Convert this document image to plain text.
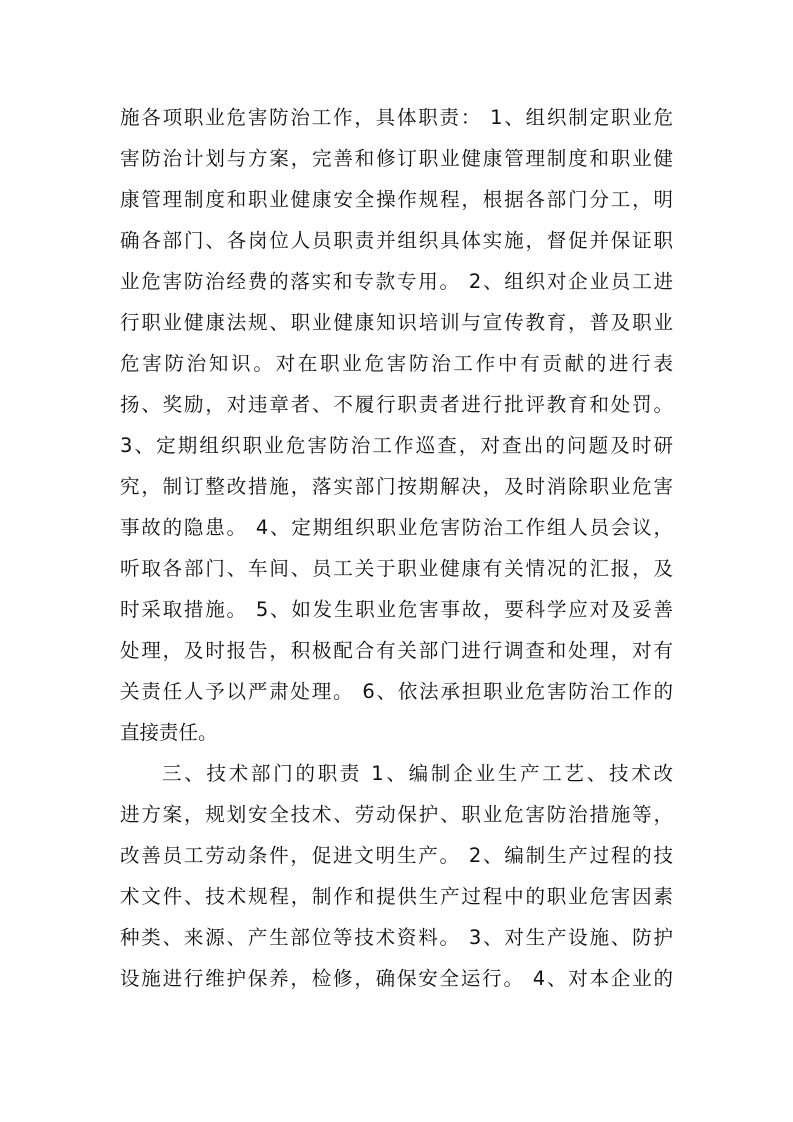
施各项职业危害防治工作，具体职责： 1、组织制定职业危
害防治计划与方案，完善和修订职业健康管理制度和职业健
康管理制度和职业健康安全操作规程，根据各部门分工，明
确各部门、各岗位人员职责并组织具体实施，督促并保证职
业危害防治经费的落实和专款专用。 2、组织对企业员工进
行职业健康法规、职业健康知识培训与宣传教育，普及职业
危害防治知识。对在职业危害防治工作中有贡献的进行表
扬、奖励，对违章者、不履行职责者进行批评教育和处罚。
3、定期组织职业危害防治工作巡查，对查出的问题及时研
究，制订整改措施，落实部门按期解决，及时消除职业危害
事故的隐患。 4、定期组织职业危害防治工作组人员会议，
听取各部门、车间、员工关于职业健康有关情况的汇报，及
时采取措施。 5、如发生职业危害事故，要科学应对及妥善
处理，及时报告，积极配合有关部门进行调查和处理，对有
关责任人予以严肃处理。 6、依法承担职业危害防治工作的
直接责任。
三、技术部门的职责 1、编制企业生产工艺、技术改
进方案，规划安全技术、劳动保护、职业危害防治措施等，
改善员工劳动条件，促进文明生产。 2、编制生产过程的技
术文件、技术规程，制作和提供生产过程中的职业危害因素
种类、来源、产生部位等技术资料。 3、对生产设施、防护
设施进行维护保养，检修，确保安全运行。 4、对本企业的
